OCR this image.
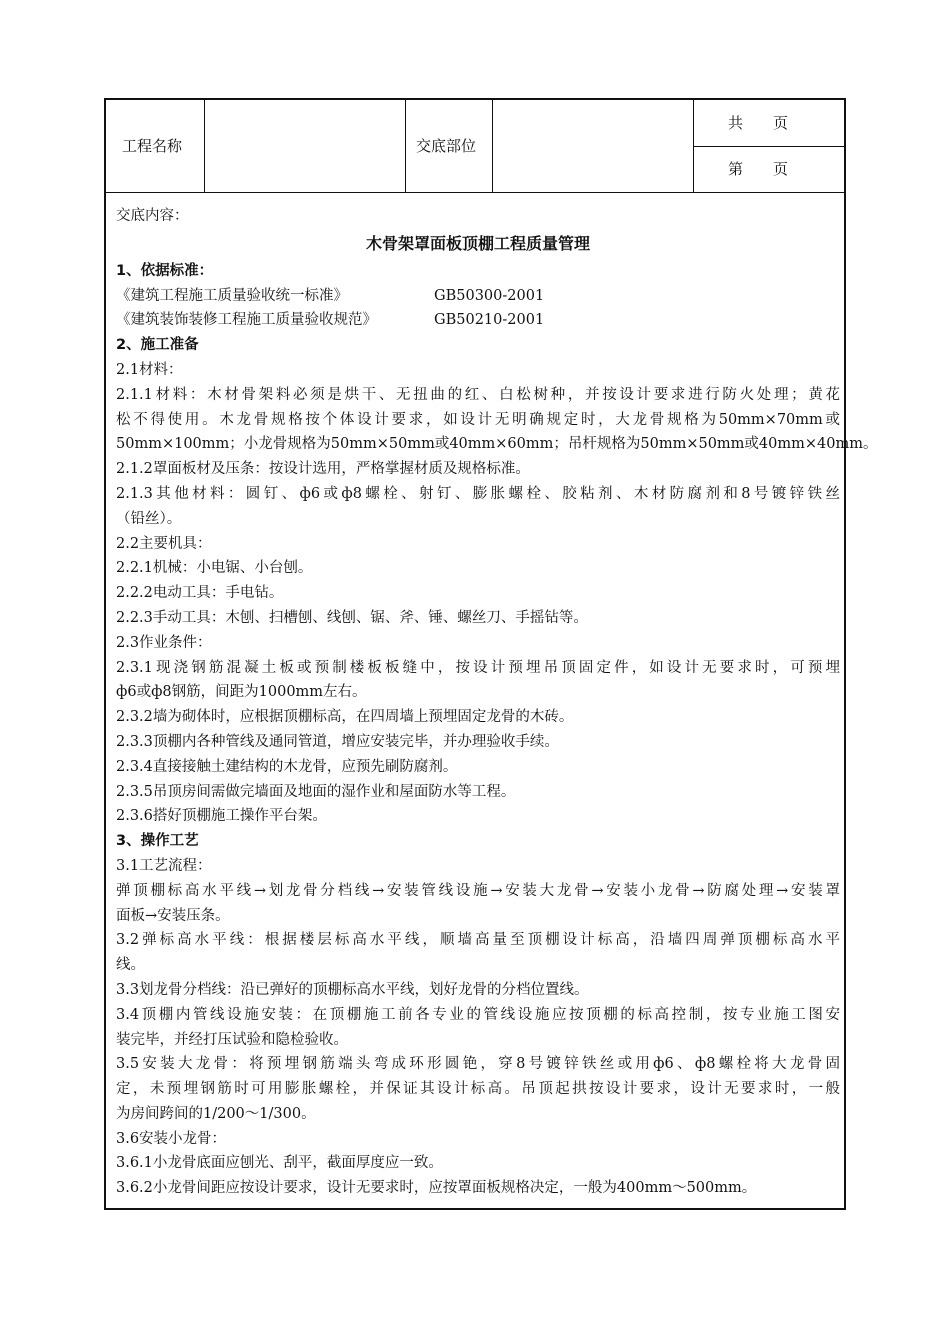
工程名称	交底部位
共　　页
第　　页
交底内容：
木骨架罩面板顶棚工程质量管理
1、依据标准：
《建筑工程施工质量验收统一标准》	GB50300-2001
《建筑装饰装修工程施工质量验收规范》	GB50210-2001
2、施工准备
2.1材料：
2.1.1材料：木材骨架料必须是烘干、无扭曲的红、白松树种，并按设计要求进行防火处理；黄花
松不得使用。木龙骨规格按个体设计要求，如设计无明确规定时，大龙骨规格为50mm×70mm或
50mm×100mm；小龙骨规格为50mm×50mm或40mm×60mm；吊杆规格为50mm×50mm或40mm×40mm。
2.1.2罩面板材及压条：按设计选用，严格掌握材质及规格标准。
2.1.3其他材料：圆钉、ф6或ф8螺栓、射钉、膨胀螺栓、胶粘剂、木材防腐剂和8号镀锌铁丝
（铅丝）。
2.2主要机具：
2.2.1机械：小电锯、小台刨。
2.2.2电动工具：手电钻。
2.2.3手动工具：木刨、扫槽刨、线刨、锯、斧、锤、螺丝刀、手摇钻等。
2.3作业条件：
2.3.1现浇钢筋混凝土板或预制楼板板缝中，按设计预埋吊顶固定件，如设计无要求时，可预埋
ф6或ф8钢筋，间距为1000mm左右。
2.3.2墙为砌体时，应根据顶棚标高，在四周墙上预埋固定龙骨的木砖。
2.3.3顶棚内各种管线及通同管道，增应安装完毕，并办理验收手续。
2.3.4直接接触土建结构的木龙骨，应预先刷防腐剂。
2.3.5吊顶房间需做完墙面及地面的湿作业和屋面防水等工程。
2.3.6搭好顶棚施工操作平台架。
3、操作工艺
3.1工艺流程：
弹顶棚标高水平线→划龙骨分档线→安装管线设施→安装大龙骨→安装小龙骨→防腐处理→安装罩
面板→安装压条。
3.2弹标高水平线：根据楼层标高水平线，顺墙高量至顶棚设计标高，沿墙四周弹顶棚标高水平
线。
3.3划龙骨分档线：沿已弹好的顶棚标高水平线，划好龙骨的分档位置线。
3.4顶棚内管线设施安装：在顶棚施工前各专业的管线设施应按顶棚的标高控制，按专业施工图安
装完毕，并经打压试验和隐检验收。
3.5安装大龙骨：将预埋钢筋端头弯成环形圆铯，穿8号镀锌铁丝或用ф6、ф8螺栓将大龙骨固
定，未预埋钢筋时可用膨胀螺栓，并保证其设计标高。吊顶起拱按设计要求，设计无要求时，一般
为房间跨间的1/200～1/300。
3.6安装小龙骨：
3.6.1小龙骨底面应刨光、刮平，截面厚度应一致。
3.6.2小龙骨间距应按设计要求，设计无要求时，应按罩面板规格决定，一般为400mm～500mm。
